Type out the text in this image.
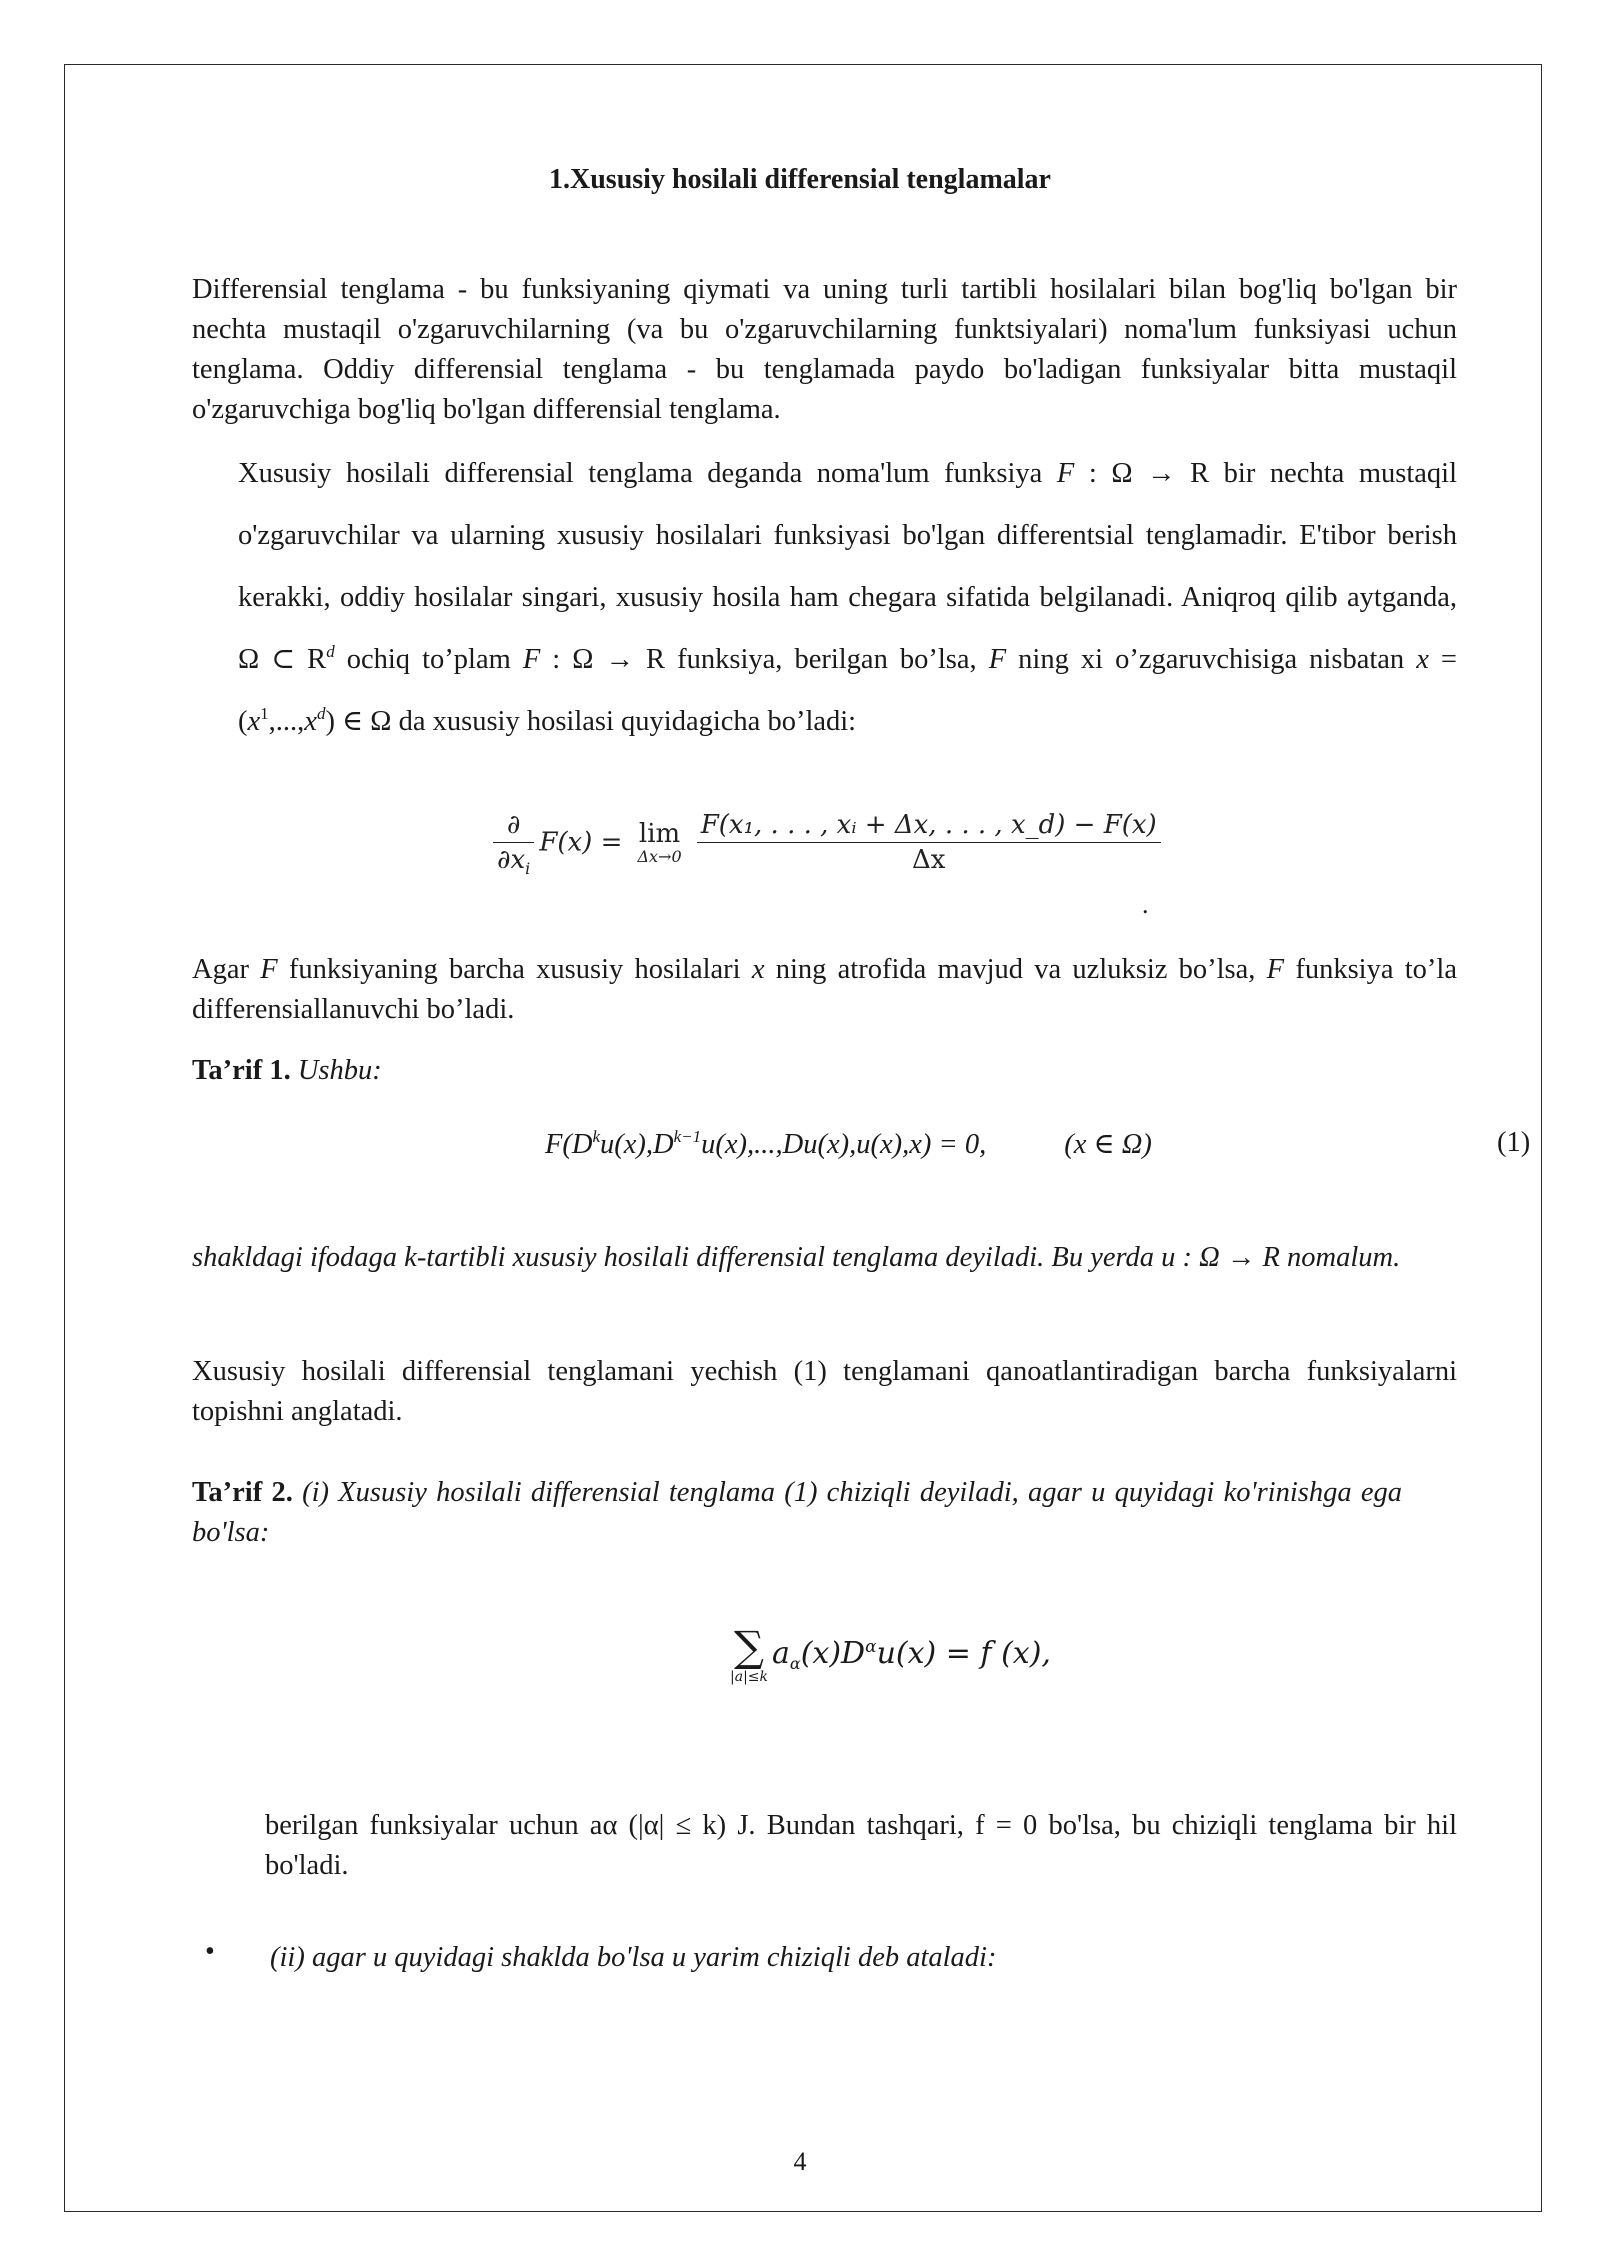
1.Xususiy hosilali differensial tenglamalar

Differensial tenglama - bu funksiyaning qiymati va uning turli tartibli hosilalari bilan bog'liq bo'lgan bir nechta mustaqil o'zgaruvchilarning (va bu o'zgaruvchilarning funktsiyalari) noma'lum funksiyasi uchun tenglama. Oddiy differensial tenglama - bu tenglamada paydo bo'ladigan funksiyalar bitta mustaqil o'zgaruvchiga bog'liq bo'lgan differensial tenglama.

Xususiy hosilali differensial tenglama deganda noma'lum funksiya F : Ω → R bir nechta mustaqil o'zgaruvchilar va ularning xususiy hosilalari funksiyasi bo'lgan differentsial tenglamadir. E'tibor berish kerakki, oddiy hosilalar singari, xususiy hosila ham chegara sifatida belgilanadi. Aniqroq qilib aytganda, Ω ⊂ $R^d$ ochiq to’plam F : Ω → R funksiya, berilgan bo’lsa, F ning xi o’zgaruvchisiga nisbatan $x = (x^1,...,x^d)$ ∈ Ω da xususiy hosilasi quyidagicha bo’ladi:

$\frac{\partial}{\partial x_i} F(x) = \lim$
Δx→0
$\frac{\text{F(x₁, . . . , xᵢ + Δx, . . . , x\_d) − F(x)}}{\Delta x}$
.

Agar F funksiyaning barcha xususiy hosilalari x ning atrofida mavjud va uzluksiz bo’lsa, F funksiya to’la differensiallanuvchi bo’ladi.

Ta’rif 1. Ushbu:

$F(D^ku(x),D^{k-1}u(x),...,Du(x),u(x),x) = 0$,	(x ∈ Ω)	(1)

shakldagi ifodaga k-tartibli xususiy hosilali differensial tenglama deyiladi. Bu yerda u : Ω → R nomalum.

Xususiy hosilali differensial tenglamani yechish (1) tenglamani qanoatlantiradigan barcha funksiyalarni topishni anglatadi.

Ta’rif 2. (i) Xususiy hosilali differensial tenglama (1) chiziqli deyiladi, agar u quyidagi ko'rinishga ega bo'lsa:

∑
|a|≤k
$a_\alpha(x)D^\alpha u(x) = f$ (x),

berilgan funksiyalar uchun aα (|α| ≤ k) J. Bundan tashqari, f = 0 bo'lsa, bu chiziqli tenglama bir hil bo'ladi.

• (ii) agar u quyidagi shaklda bo'lsa u yarim chiziqli deb ataladi:

4
